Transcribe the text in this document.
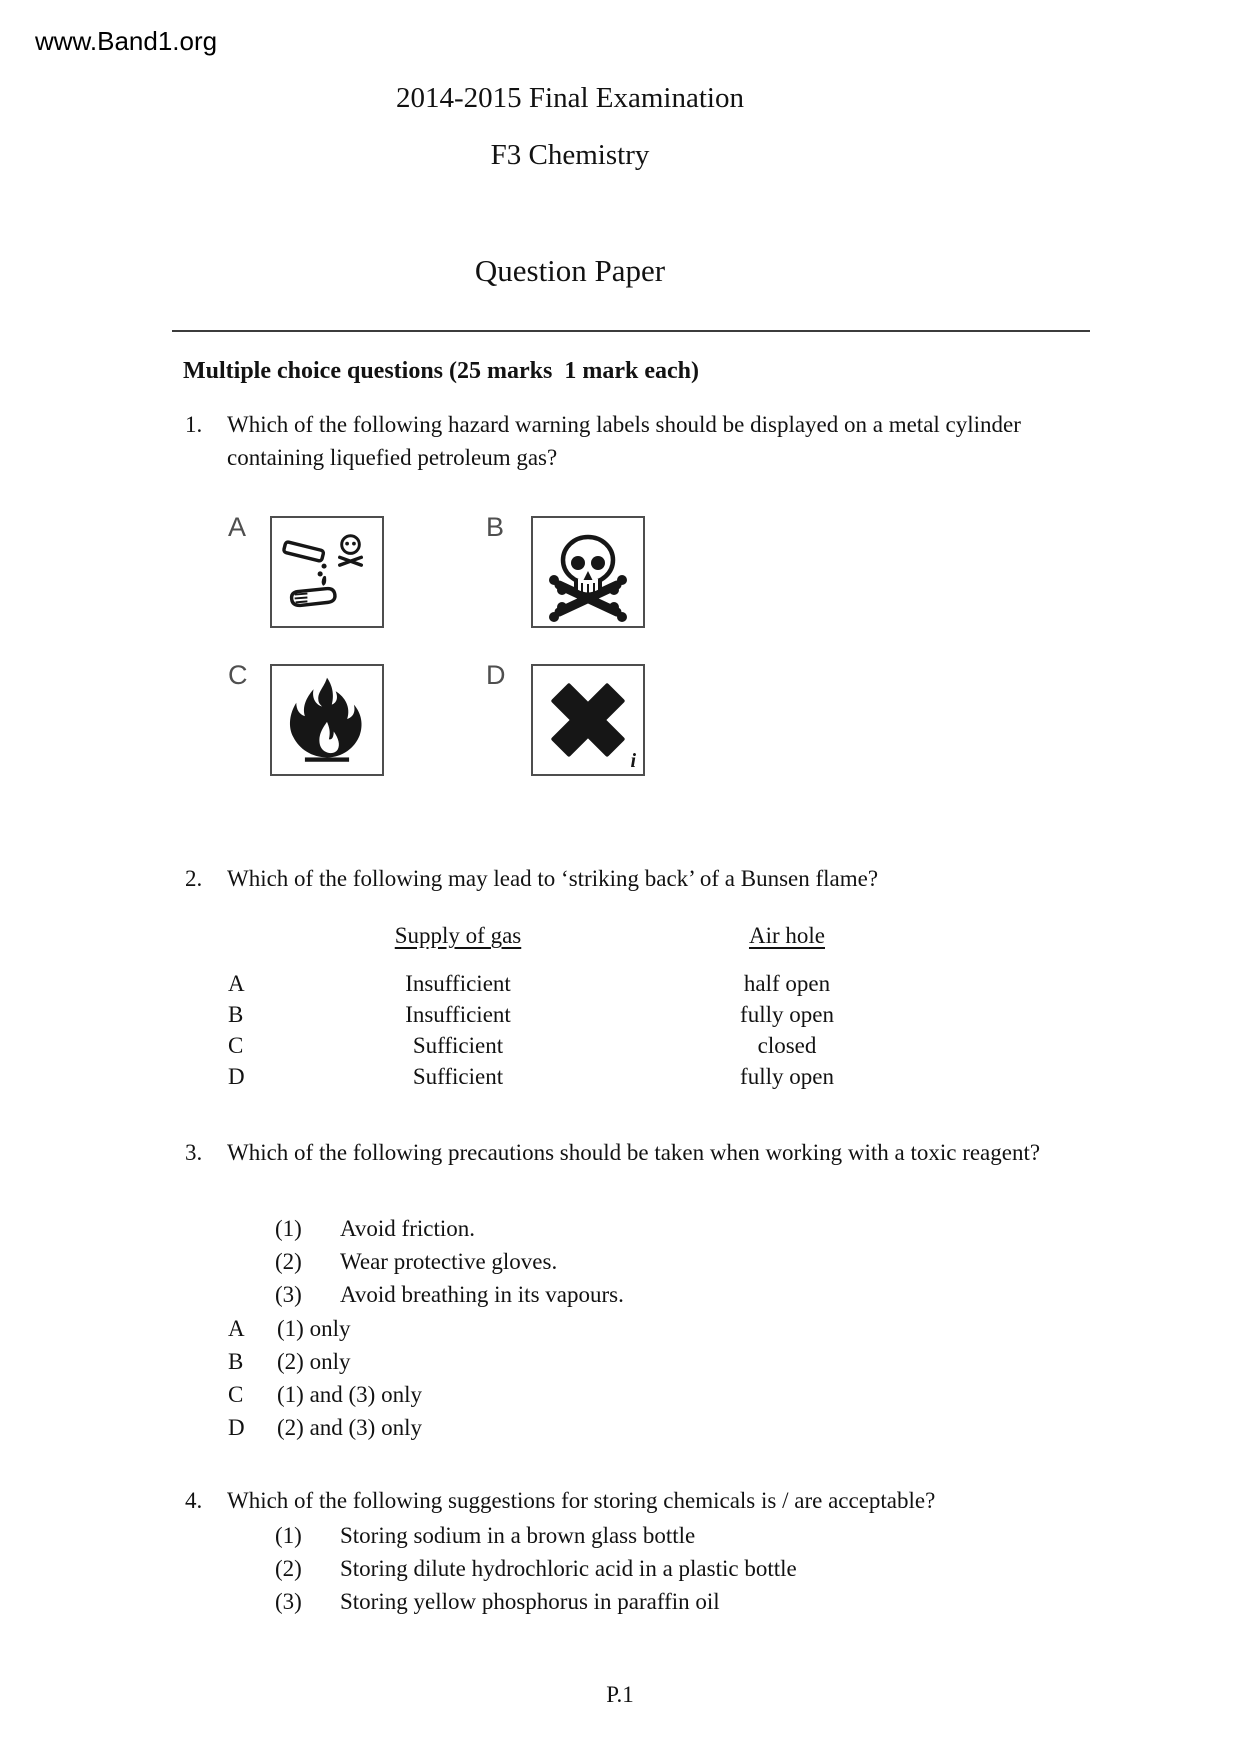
www.Band1.org
2014-2015 Final Examination
F3 Chemistry
Question Paper
Multiple choice questions (25 marks  1 mark each)
1. Which of the following hazard warning labels should be displayed on a metal cylinder containing liquefied petroleum gas?
A	B
C	D
i
2. Which of the following may lead to ‘striking back’ of a Bunsen flame?
Supply of gas	Air hole
A	Insufficient	half open
B	Insufficient	fully open
C	Sufficient	closed
D	Sufficient	fully open
3. Which of the following precautions should be taken when working with a toxic reagent?
(1) Avoid friction.
(2) Wear protective gloves.
(3) Avoid breathing in its vapours.
A (1) only
B (2) only
C (1) and (3) only
D (2) and (3) only
4. Which of the following suggestions for storing chemicals is / are acceptable?
(1) Storing sodium in a brown glass bottle
(2) Storing dilute hydrochloric acid in a plastic bottle
(3) Storing yellow phosphorus in paraffin oil
P.1
